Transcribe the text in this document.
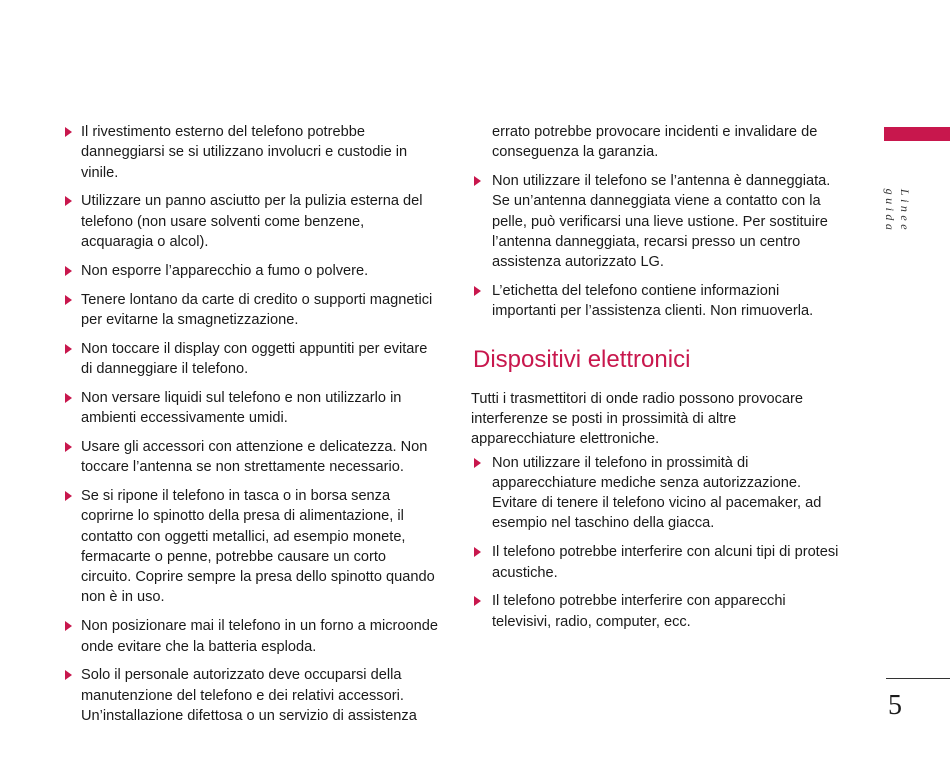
Linee guida
Il rivestimento esterno del telefono potrebbe danneggiarsi se si utilizzano involucri e custodie in vinile.
Utilizzare un panno asciutto per la pulizia esterna del telefono (non usare solventi come benzene, acquaragia o alcol).
Non esporre l’apparecchio a fumo o polvere.
Tenere lontano da carte di credito o supporti magnetici per evitarne la smagnetizzazione.
Non toccare il display con oggetti appuntiti per evitare di danneggiare il telefono.
Non versare liquidi sul telefono e non utilizzarlo in ambienti eccessivamente umidi.
Usare gli accessori con attenzione e delicatezza. Non toccare l’antenna se non strettamente necessario.
Se si ripone il telefono in tasca o in borsa senza coprirne lo spinotto della presa di alimentazione, il contatto con oggetti metallici, ad esempio monete, fermacarte o penne, potrebbe causare un corto circuito. Coprire sempre la presa dello spinotto quando non è in uso.
Non posizionare mai il telefono in un forno a microonde onde evitare che la batteria esploda.
Solo il personale autorizzato deve occuparsi della manutenzione del telefono e dei relativi accessori. Un’installazione difettosa o un servizio di assistenza

errato potrebbe provocare incidenti e invalidare de conseguenza la garanzia.

Non utilizzare il telefono se l’antenna è danneggiata. Se un’antenna danneggiata viene a contatto con la pelle, può verificarsi una lieve ustione. Per sostituire l’antenna danneggiata, recarsi presso un centro assistenza autorizzato LG.
L’etichetta del telefono contiene informazioni importanti per l’assistenza clienti. Non rimuoverla.
Dispositivi elettronici

Tutti i trasmettitori di onde radio possono provocare interferenze se posti in prossimità di altre apparecchiature elettroniche.

Non utilizzare il telefono in prossimità di apparecchiature mediche senza autorizzazione. Evitare di tenere il telefono vicino al pacemaker, ad esempio nel taschino della giacca.
Il telefono potrebbe interferire con alcuni tipi di protesi acustiche.
Il telefono potrebbe interferire con apparecchi televisivi, radio, computer, ecc.
5
